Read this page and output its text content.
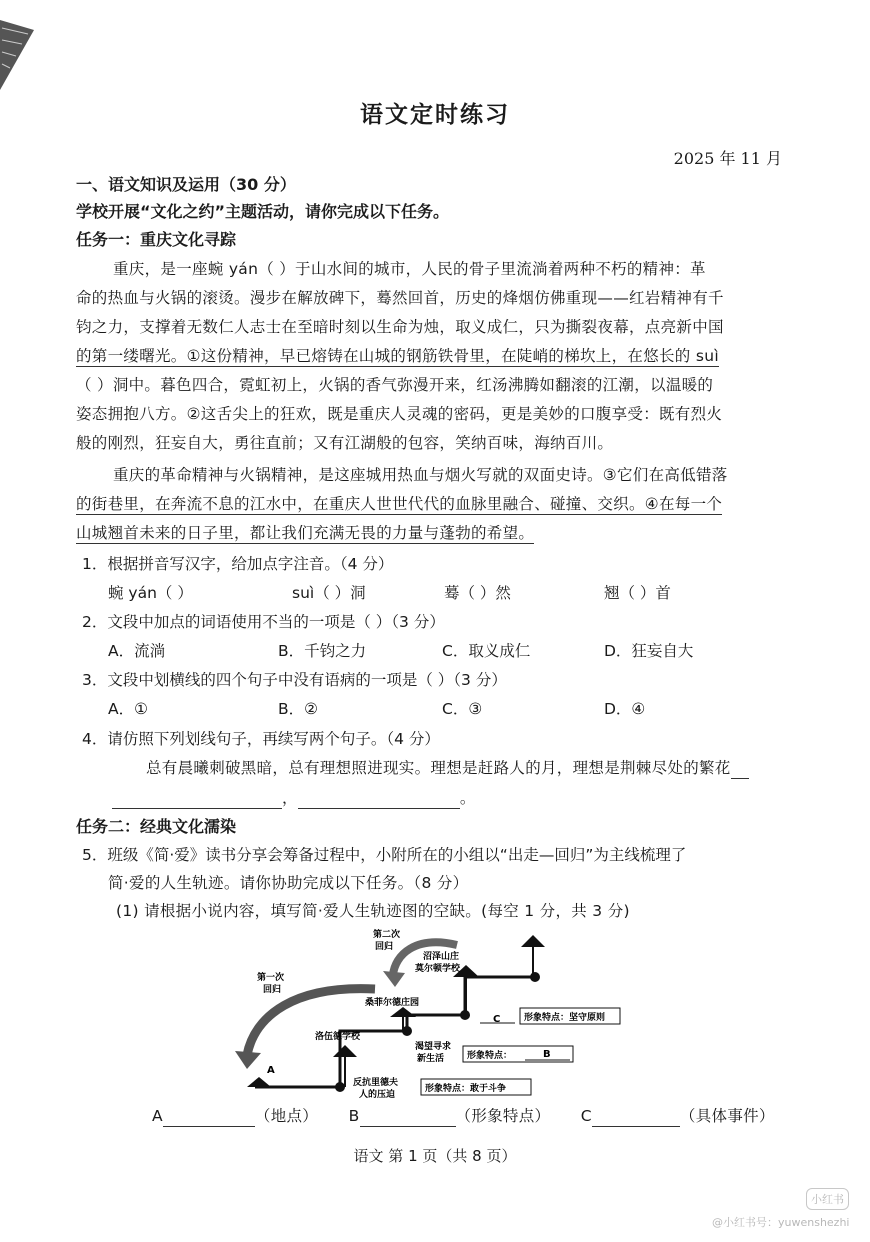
语文定时练习
2025 年 11 月
一、语文知识及运用（30 分）
学校开展“文化之约”主题活动，请你完成以下任务。
任务一：重庆文化寻踪
重庆，是一座蜿 yán（ ）于山水间的城市，人民的骨子里流淌着两种不朽的精神：革
命的热血与火锅的滚烫。漫步在解放碑下，蓦然回首，历史的烽烟仿佛重现——红岩精神有千
钧之力，支撑着无数仁人志士在至暗时刻以生命为烛，取义成仁，只为撕裂夜幕，点亮新中国
的第一缕曙光。①这份精神，早已熔铸在山城的钢筋铁骨里，在陡峭的梯坎上，在悠长的 suì
（ ）洞中。暮色四合，霓虹初上，火锅的香气弥漫开来，红汤沸腾如翻滚的江潮，以温暖的
姿态拥抱八方。②这舌尖上的狂欢，既是重庆人灵魂的密码，更是美妙的口腹享受：既有烈火
般的刚烈，狂妄自大，勇往直前；又有江湖般的包容，笑纳百味，海纳百川。
重庆的革命精神与火锅精神，是这座城用热血与烟火写就的双面史诗。③它们在高低错落
的街巷里，在奔流不息的江水中，在重庆人世世代代的血脉里融合、碰撞、交织。④在每一个
山城翘首未来的日子里，都让我们充满无畏的力量与蓬勃的希望。
1．根据拼音写汉字，给加点字注音。（4 分）
蜿 yán（ ）	suì（ ）洞	蓦（ ）然	翘（ ）首
2．文段中加点的词语使用不当的一项是（ ）（3 分）
A．流淌	B．千钧之力	C．取义成仁	D．狂妄自大
3．文段中划横线的四个句子中没有语病的一项是（ ）（3 分）
A．①	B．②	C．③	D．④
4．请仿照下列划线句子，再续写两个句子。（4 分）
总有晨曦刺破黑暗，总有理想照进现实。理想是赶路人的月，理想是荆棘尽处的繁花
，	。
任务二：经典文化濡染
5．班级《简·爱》读书分享会筹备过程中，小附所在的小组以“出走—回归”为主线梳理了
简·爱的人生轨迹。请你协助完成以下任务。（8 分）
(1) 请根据小说内容，填写简·爱人生轨迹图的空缺。(每空 1 分，共 3 分)
第二次
回归
第一次
回归
沼泽山庄
莫尔顿学校
桑菲尔德庄园
洛伍德学校
反抗里德夫
人的压迫
渴望寻求
新生活
A
C	形象特点：坚守原则
形象特点：	B
形象特点：敢于斗争
A	（地点） B	（形象特点） C	（具体事件）
语文 第 1 页（共 8 页）
小红书
@小红书号：yuwenshezhi
